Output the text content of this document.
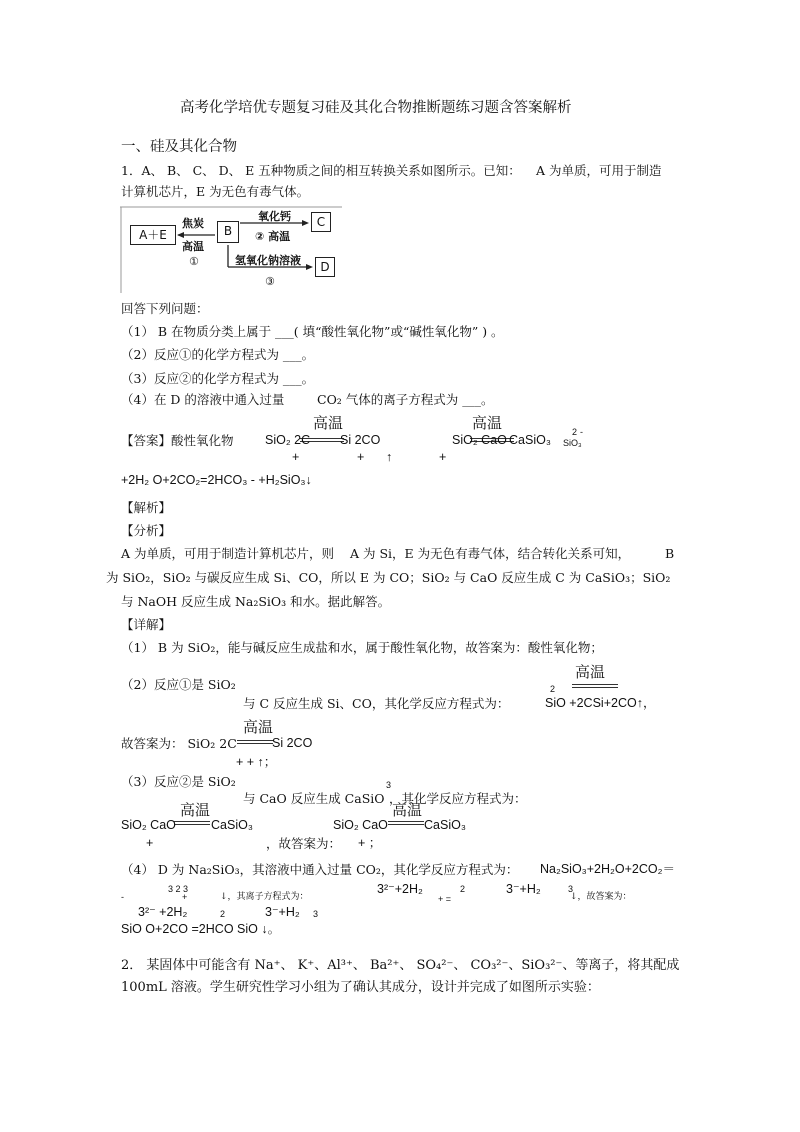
高考化学培优专题复习硅及其化合物推断题练习题含答案解析
一、硅及其化合物
1．A、 B、 C、 D、 E 五种物质之间的相互转换关系如图所示。已知： A 为单质，可用于制造
计算机芯片，E 为无色有毒气体。
A＋E	B
C
D
焦炭
高温
①
氧化钙
② 高温
氢氧化钠溶液
③
回答下列问题：
（1） B 在物质分类上属于 ___( 填“酸性氧化物”或“碱性氧化物” ) 。
（2）反应①的化学方程式为 ___。
（3）反应②的化学方程式为 ___。
（4）在 D 的溶液中通入过量	CO₂ 气体的离子方程式为 ___。
【答案】酸性氧化物
高温
SiO₂ 2C Si 2CO
高温
SiO₂ CaO CaSiO₃ SiO₃
2 -
+	+ ↑	+
+2H₂ O+2CO₂=2HCO₃ - +H₂SiO₃↓
【解析】
【分析】
A 为单质，可用于制造计算机芯片，则 A 为 Si，E 为无色有毒气体，结合转化关系可知，	B
为 SiO₂，SiO₂ 与碳反应生成 Si、CO，所以 E 为 CO；SiO₂ 与 CaO 反应生成 C 为 CaSiO₃；SiO₂
与 NaOH 反应生成 Na₂SiO₃ 和水。据此解答。
【详解】
（1） B 为 SiO₂，能与碱反应生成盐和水，属于酸性氧化物，故答案为：酸性氧化物；
（2）反应①是 SiO₂
与 C 反应生成 Si、CO，其化学反应方程式为：
高温
2
SiO +2CSi+2CO↑，
高温
故答案为： SiO₂ 2C	Si 2CO
+ + ↑；
（3）反应②是 SiO₂
与 CaO 反应生成 CaSiO
3
，其化学反应方程式为：
高温
SiO₂ CaO	CaSiO₃
高温
SiO₂ CaO	CaSiO₃
+	，故答案为： + ；
（4） D 为 Na₂SiO₃，其溶液中通入过量 CO₂，其化学反应方程式为： Na₂SiO₃+2H₂O+2CO₂＝
-
3 2 3
+	↓，其离子方程式为：
3²⁻+2H₂	2
+ =
3⁻+H₂	3
↓，故答案为：
3²⁻ +2H₂	2	3⁻+H₂ 3
SiO O+2CO =2HCO SiO ↓。
2． 某固体中可能含有 Na⁺、 K⁺、Al³⁺、 Ba²⁺、 SO₄²⁻、 CO₃²⁻、SiO₃²⁻、等离子，将其配成
100mL 溶液。学生研究性学习小组为了确认其成分，设计并完成了如图所示实验：
